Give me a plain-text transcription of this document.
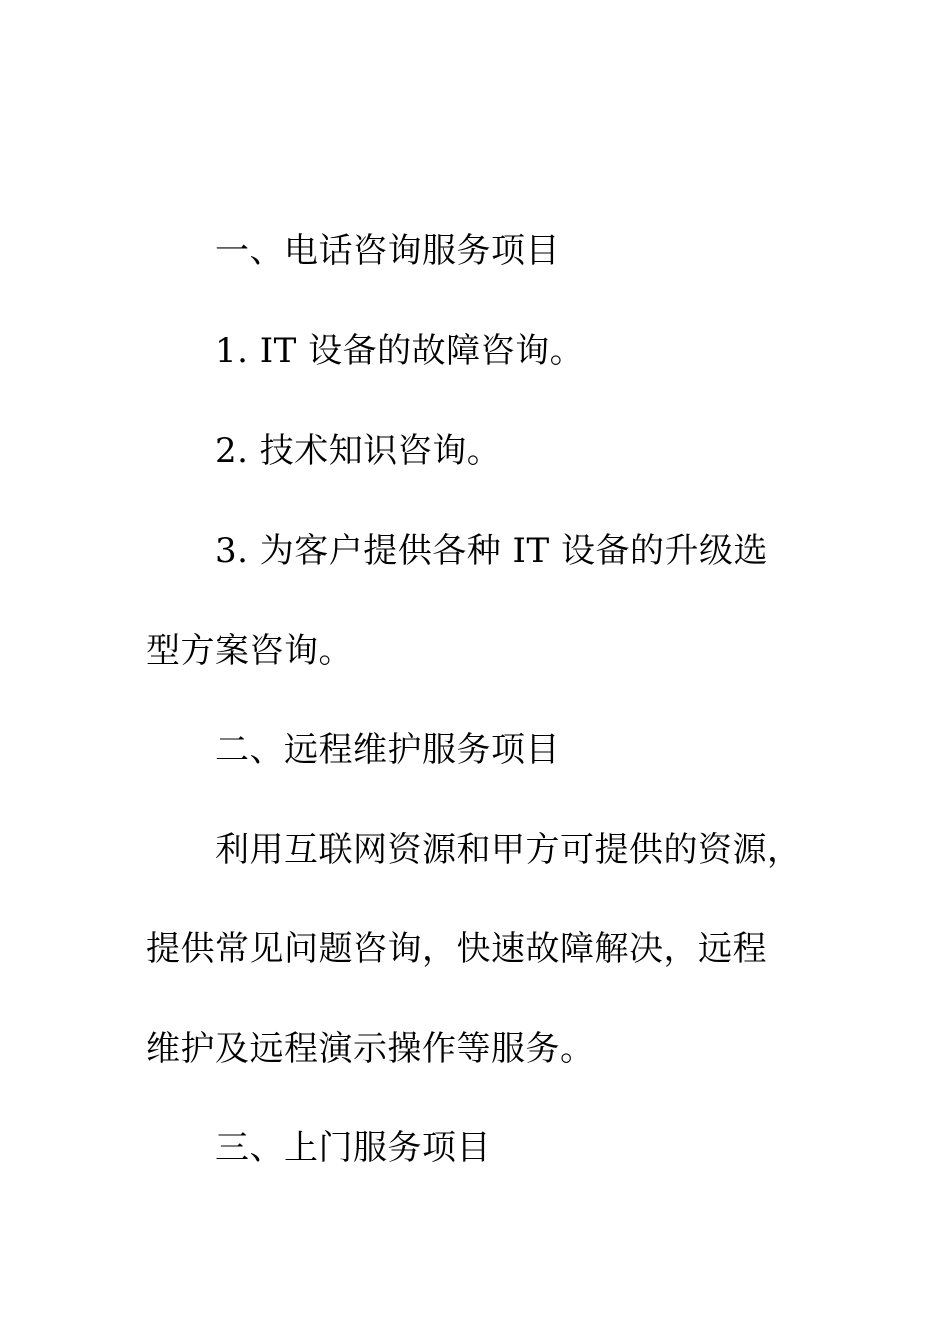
一、电话咨询服务项目
1. IT 设备的故障咨询。
2. 技术知识咨询。
3. 为客户提供各种 IT 设备的升级选
型方案咨询。
二、远程维护服务项目
利用互联网资源和甲方可提供的资源，
提供常见问题咨询，快速故障解决，远程
维护及远程演示操作等服务。
三、上门服务项目
